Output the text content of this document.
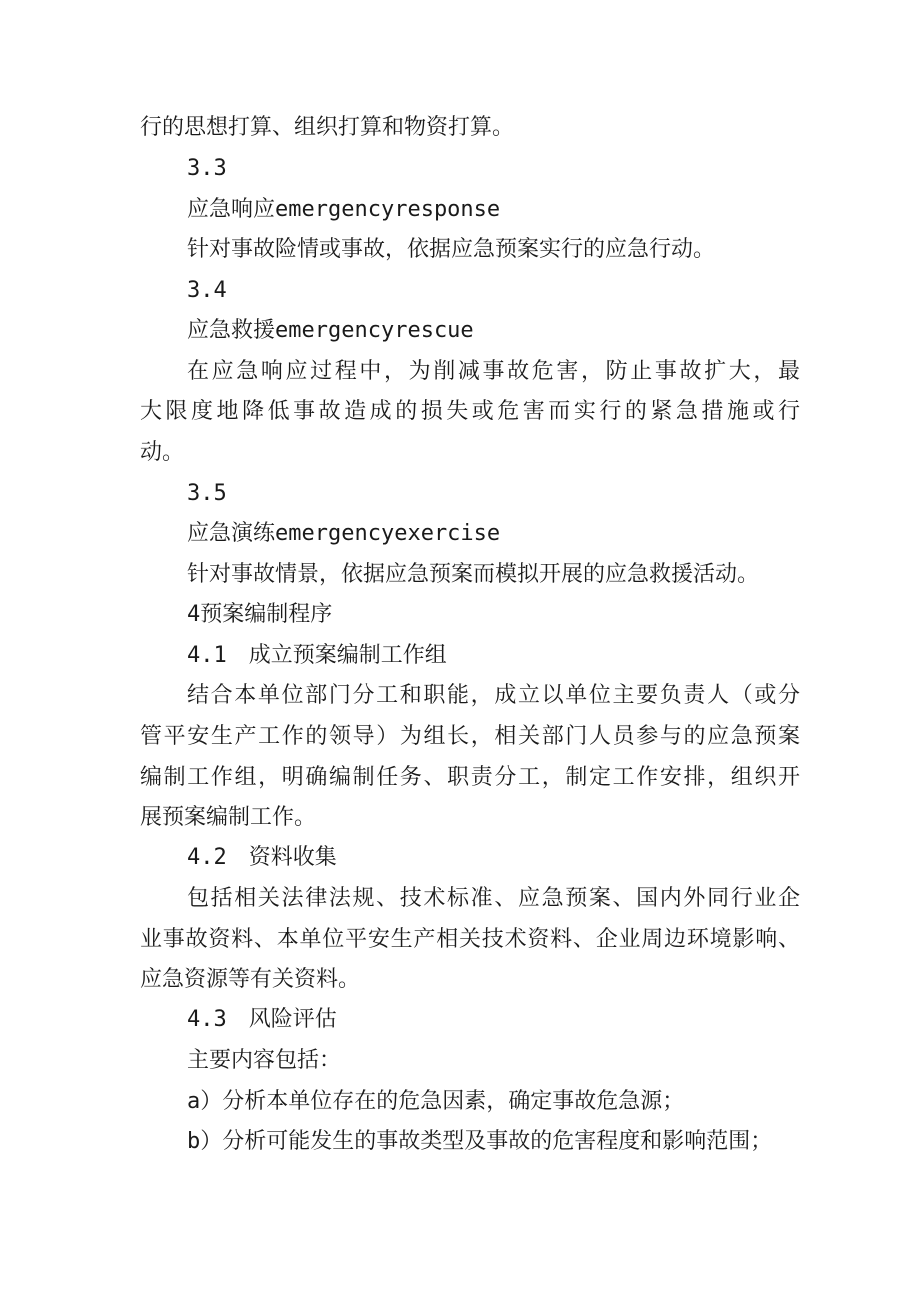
行的思想打算、组织打算和物资打算。
3.3
应急响应emergencyresponse
针对事故险情或事故，依据应急预案实行的应急行动。
3.4
应急救援emergencyrescue
在应急响应过程中，为削减事故危害，防止事故扩大，最
大限度地降低事故造成的损失或危害而实行的紧急措施或行
动。
3.5
应急演练emergencyexercise
针对事故情景，依据应急预案而模拟开展的应急救援活动。
4预案编制程序
4.1　成立预案编制工作组
结合本单位部门分工和职能，成立以单位主要负责人（或分
管平安生产工作的领导）为组长，相关部门人员参与的应急预案
编制工作组，明确编制任务、职责分工，制定工作安排，组织开
展预案编制工作。
4.2　资料收集
包括相关法律法规、技术标准、应急预案、国内外同行业企
业事故资料、本单位平安生产相关技术资料、企业周边环境影响、
应急资源等有关资料。
4.3　风险评估
主要内容包括：
a）分析本单位存在的危急因素，确定事故危急源；
b）分析可能发生的事故类型及事故的危害程度和影响范围；
